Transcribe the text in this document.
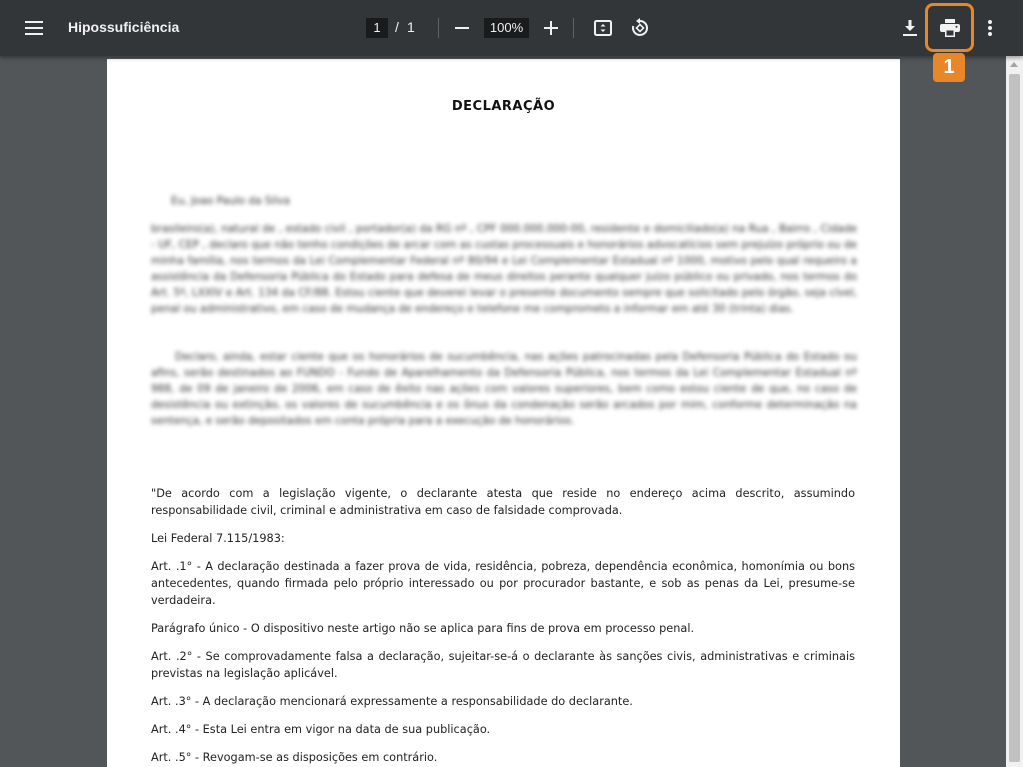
Hipossuficiência	1	/ 1	100%
1
DECLARAÇÃO
Eu, Joao Paulo da Silva
brasileiro(a), natural de , estado civil , portador(a) da RG nº , CPF 000.000.000-00, residente e domiciliado(a) na Rua , Bairro , Cidade - UF, CEP , declaro que não tenho condições de arcar com as custas processuais e honorários advocatícios sem prejuízo próprio ou de minha família, nos termos da Lei Complementar Federal nº 80/94 e Lei Complementar Estadual nº 1000, motivo pelo qual requeiro a assistência da Defensoria Pública do Estado para defesa de meus direitos perante qualquer juízo público ou privado, nos termos do Art. 5º, LXXIV e Art. 134 da CF/88. Estou ciente que deverei levar o presente documento sempre que solicitado pelo órgão, seja cível, penal ou administrativo, em caso de mudança de endereço e telefone me comprometo a informar em até 30 (trinta) dias.
Declaro, ainda, estar ciente que os honorários de sucumbência, nas ações patrocinadas pela Defensoria Pública do Estado ou afins, serão destinados ao FUNDO - Fundo de Aparelhamento da Defensoria Pública, nos termos da Lei Complementar Estadual nº 988, de 09 de janeiro de 2006, em caso de êxito nas ações com valores superiores, bem como estou ciente de que, no caso de desistência ou extinção, os valores de sucumbência e os ônus da condenação serão arcados por mim, conforme determinação na sentença, e serão depositados em conta própria para a execução de honorários.

"De acordo com a legislação vigente, o declarante atesta que reside no endereço acima descrito, assumindo responsabilidade civil, criminal e administrativa em caso de falsidade comprovada.

Lei Federal 7.115/1983:

Art. .1° - A declaração destinada a fazer prova de vida, residência, pobreza, dependência econômica, homonímia ou bons antecedentes, quando firmada pelo próprio interessado ou por procurador bastante, e sob as penas da Lei, presume-se verdadeira.

Parágrafo único - O dispositivo neste artigo não se aplica para fins de prova em processo penal.

Art. .2° - Se comprovadamente falsa a declaração, sujeitar-se-á o declarante às sanções civis, administrativas e criminais previstas na legislação aplicável.

Art. .3° - A declaração mencionará expressamente a responsabilidade do declarante.

Art. .4° - Esta Lei entra em vigor na data de sua publicação.

Art. .5° - Revogam-se as disposições em contrário.
